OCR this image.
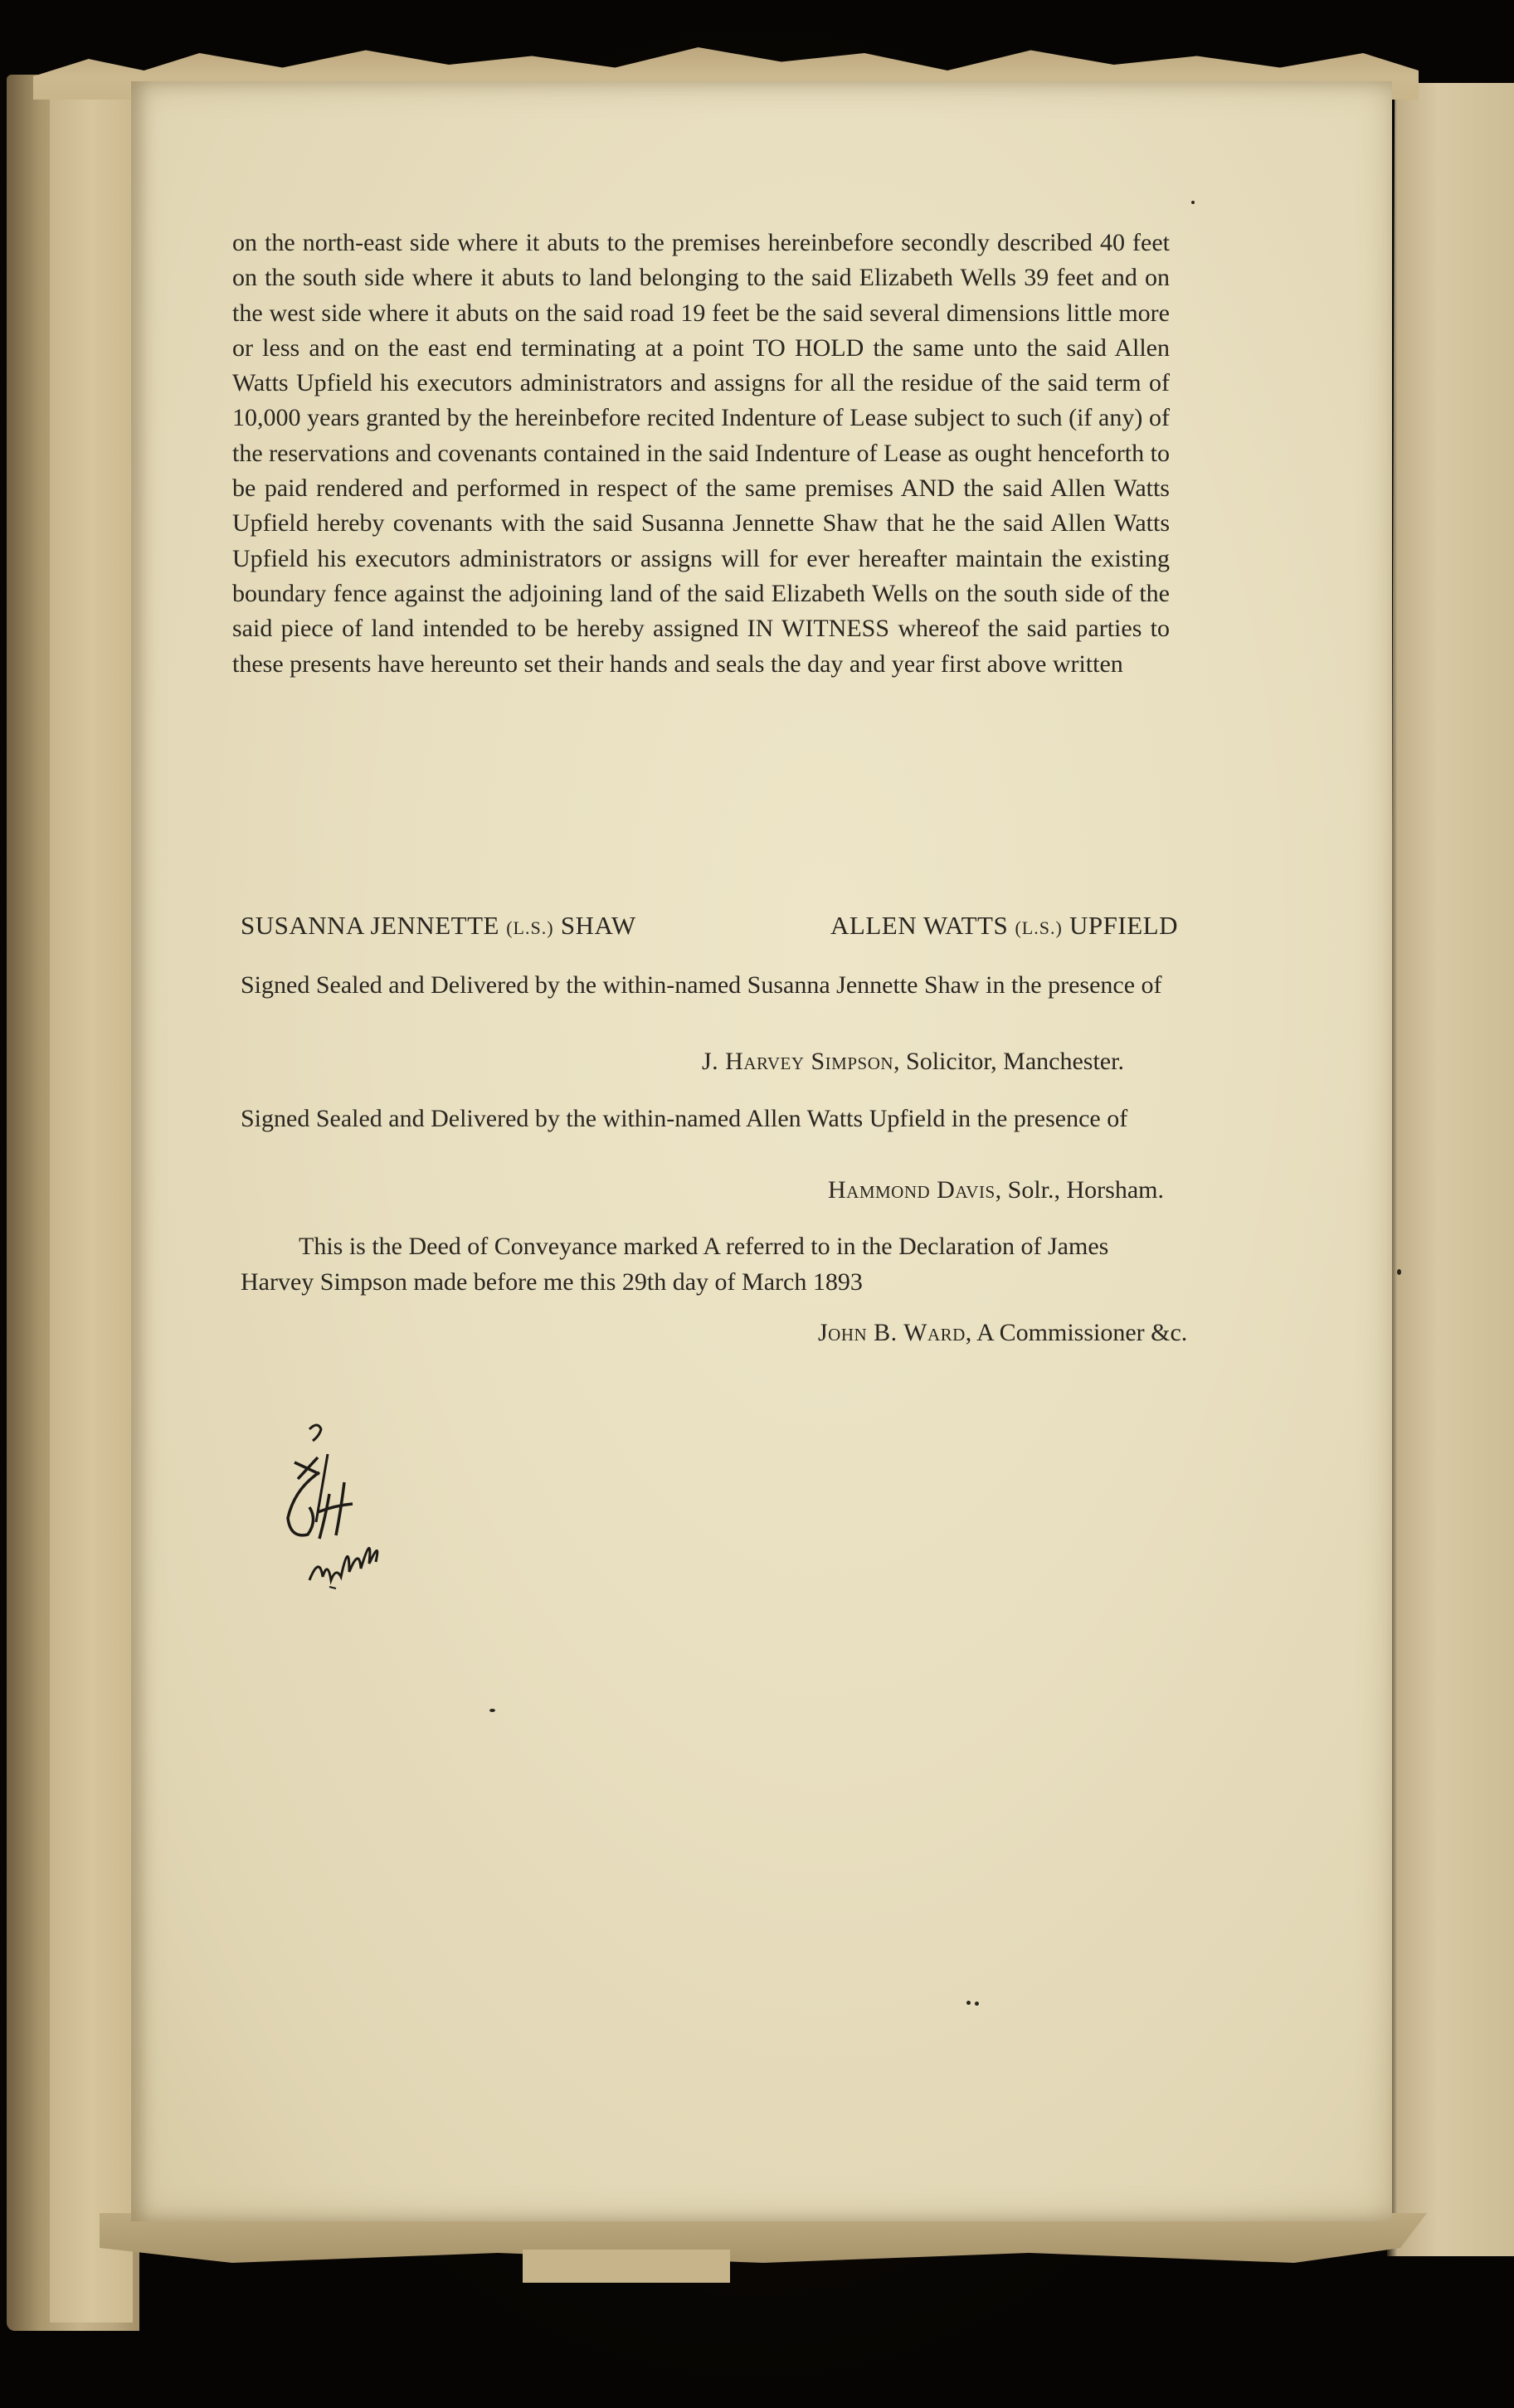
on the north-east side where it abuts to the premises hereinbefore secondly described 40 feet on the south side where it abuts to land belonging to the said Elizabeth Wells 39 feet and on the west side where it abuts on the said road 19 feet be the said several dimensions little more or less and on the east end terminating at a point TO HOLD the same unto the said Allen Watts Upfield his executors administrators and assigns for all the residue of the said term of 10,000 years granted by the hereinbefore recited Indenture of Lease subject to such (if any) of the reservations and covenants contained in the said Indenture of Lease as ought henceforth to be paid rendered and performed in respect of the same premises AND the said Allen Watts Upfield hereby covenants with the said Susanna Jennette Shaw that he the said Allen Watts Upfield his executors administrators or assigns will for ever hereafter maintain the existing boundary fence against the adjoining land of the said Elizabeth Wells on the south side of the said piece of land intended to be hereby assigned IN WITNESS whereof the said parties to these presents have hereunto set their hands and seals the day and year first above written
SUSANNA JENNETTE (L.S.) SHAW	ALLEN WATTS (L.S.) UPFIELD
Signed Sealed and Delivered by the within-named Susanna Jennette Shaw in the presence of
J. Harvey Simpson, Solicitor, Manchester.
Signed Sealed and Delivered by the within-named Allen Watts Upfield in the presence of
Hammond Davis, Solr., Horsham.
This is the Deed of Conveyance marked A referred to in the Declaration of James Harvey Simpson made before me this 29th day of March 1893
John B. Ward, A Commissioner &c.
